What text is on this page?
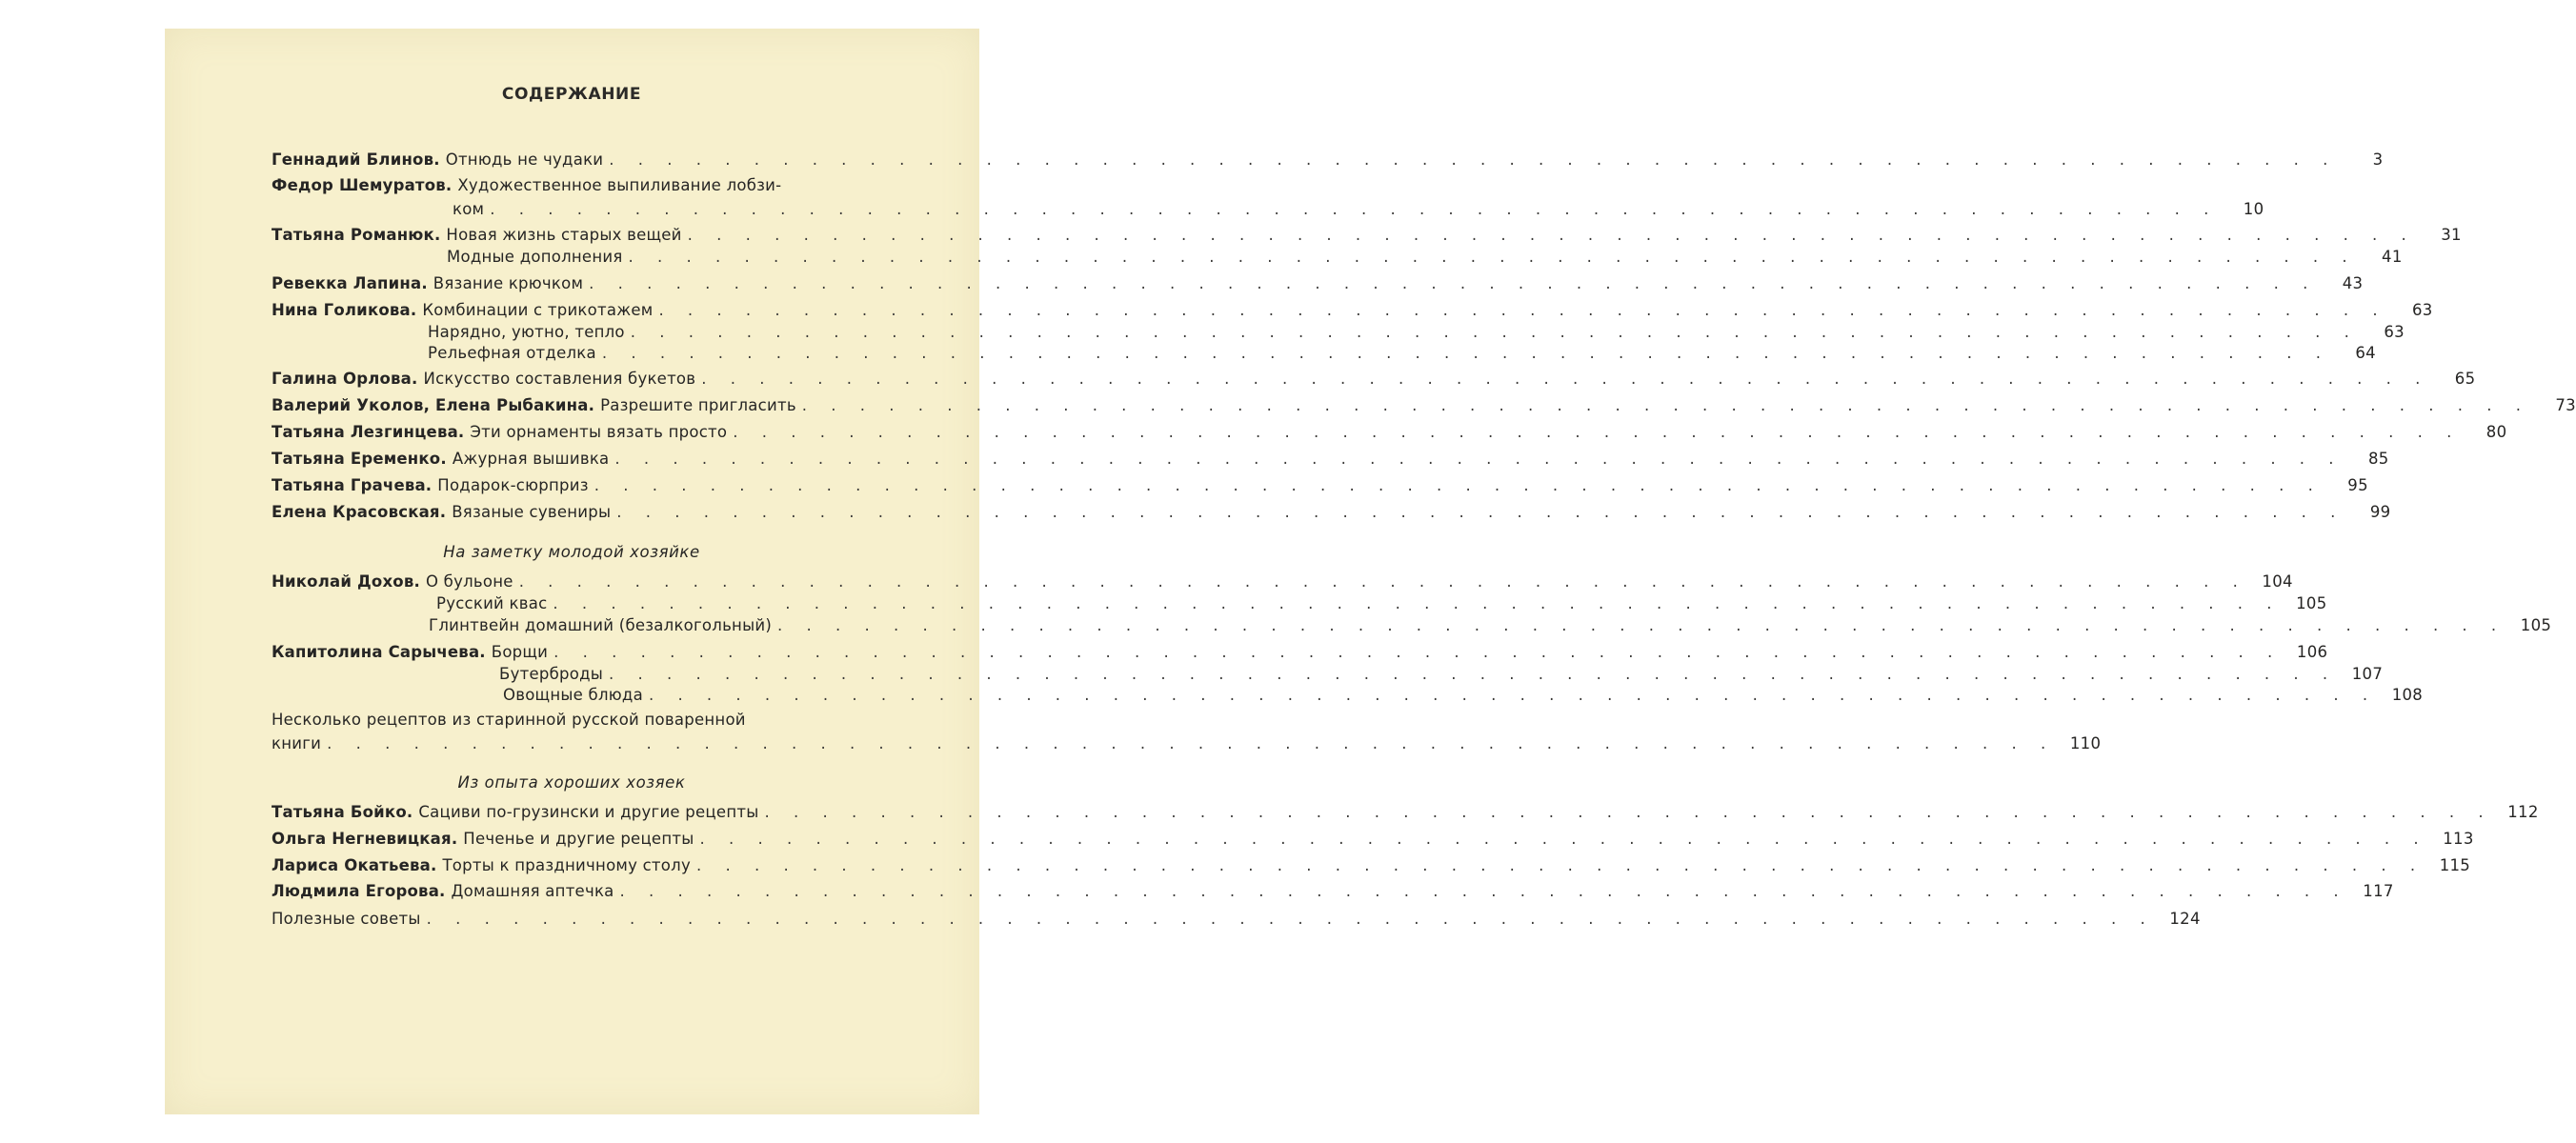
СОДЕРЖАНИЕ
Геннадий Блинов. Отнюдь не чудаки . . . . . . . . . . . . . . . . . . . . . . . . . . . . . . . . . . . . . . . . . . . . . . . . . . . . . . . . . . . .	3
Федор Шемуратов. Художественное выпиливание лобзи-
ком . . . . . . . . . . . . . . . . . . . . . . . . . . . . . . . . . . . . . . . . . . . . . . . . . . . . . . . . . . . .	10
Татьяна Романюк. Новая жизнь старых вещей . . . . . . . . . . . . . . . . . . . . . . . . . . . . . . . . . . . . . . . . . . . . . . . . . . . . . . . . . . . .	31
Модные дополнения . . . . . . . . . . . . . . . . . . . . . . . . . . . . . . . . . . . . . . . . . . . . . . . . . . . . . . . . . . . .	41
Ревекка Лапина. Вязание крючком . . . . . . . . . . . . . . . . . . . . . . . . . . . . . . . . . . . . . . . . . . . . . . . . . . . . . . . . . . . .	43
Нина Голикова. Комбинации с трикотажем . . . . . . . . . . . . . . . . . . . . . . . . . . . . . . . . . . . . . . . . . . . . . . . . . . . . . . . . . . . .	63
Нарядно, уютно, тепло . . . . . . . . . . . . . . . . . . . . . . . . . . . . . . . . . . . . . . . . . . . . . . . . . . . . . . . . . . . .	63
Рельефная отделка . . . . . . . . . . . . . . . . . . . . . . . . . . . . . . . . . . . . . . . . . . . . . . . . . . . . . . . . . . . .	64
Галина Орлова. Искусство составления букетов . . . . . . . . . . . . . . . . . . . . . . . . . . . . . . . . . . . . . . . . . . . . . . . . . . . . . . . . . . . .	65
Валерий Уколов, Елена Рыбакина. Разрешите пригласить . . . . . . . . . . . . . . . . . . . . . . . . . . . . . . . . . . . . . . . . . . . . . . . . . . . . . . . . . . . .	73
Татьяна Лезгинцева. Эти орнаменты вязать просто . . . . . . . . . . . . . . . . . . . . . . . . . . . . . . . . . . . . . . . . . . . . . . . . . . . . . . . . . . . .	80
Татьяна Еременко. Ажурная вышивка . . . . . . . . . . . . . . . . . . . . . . . . . . . . . . . . . . . . . . . . . . . . . . . . . . . . . . . . . . . .	85
Татьяна Грачева. Подарок-сюрприз . . . . . . . . . . . . . . . . . . . . . . . . . . . . . . . . . . . . . . . . . . . . . . . . . . . . . . . . . . . .	95
Елена Красовская. Вязаные сувениры . . . . . . . . . . . . . . . . . . . . . . . . . . . . . . . . . . . . . . . . . . . . . . . . . . . . . . . . . . . .	99
На заметку молодой хозяйке
Николай Дохов. О бульоне . . . . . . . . . . . . . . . . . . . . . . . . . . . . . . . . . . . . . . . . . . . . . . . . . . . . . . . . . . . . 104
Русский квас . . . . . . . . . . . . . . . . . . . . . . . . . . . . . . . . . . . . . . . . . . . . . . . . . . . . . . . . . . . . 105
Глинтвейн домашний (безалкогольный) . . . . . . . . . . . . . . . . . . . . . . . . . . . . . . . . . . . . . . . . . . . . . . . . . . . . . . . . . . . . 105
Капитолина Сарычева. Борщи . . . . . . . . . . . . . . . . . . . . . . . . . . . . . . . . . . . . . . . . . . . . . . . . . . . . . . . . . . . . 106
Бутерброды . . . . . . . . . . . . . . . . . . . . . . . . . . . . . . . . . . . . . . . . . . . . . . . . . . . . . . . . . . . . 107
Овощные блюда . . . . . . . . . . . . . . . . . . . . . . . . . . . . . . . . . . . . . . . . . . . . . . . . . . . . . . . . . . . . 108
Несколько рецептов из старинной русской поваренной
книги . . . . . . . . . . . . . . . . . . . . . . . . . . . . . . . . . . . . . . . . . . . . . . . . . . . . . . . . . . . . 110
Из опыта хороших хозяек
Татьяна Бойко. Сациви по-грузински и другие рецепты . . . . . . . . . . . . . . . . . . . . . . . . . . . . . . . . . . . . . . . . . . . . . . . . . . . . . . . . . . . . 112
Ольга Негневицкая. Печенье и другие рецепты . . . . . . . . . . . . . . . . . . . . . . . . . . . . . . . . . . . . . . . . . . . . . . . . . . . . . . . . . . . . 113
Лариса Окатьева. Торты к праздничному столу . . . . . . . . . . . . . . . . . . . . . . . . . . . . . . . . . . . . . . . . . . . . . . . . . . . . . . . . . . . . 115
Людмила Егорова. Домашняя аптечка . . . . . . . . . . . . . . . . . . . . . . . . . . . . . . . . . . . . . . . . . . . . . . . . . . . . . . . . . . . . 117
Полезные советы . . . . . . . . . . . . . . . . . . . . . . . . . . . . . . . . . . . . . . . . . . . . . . . . . . . . . . . . . . . . 124
